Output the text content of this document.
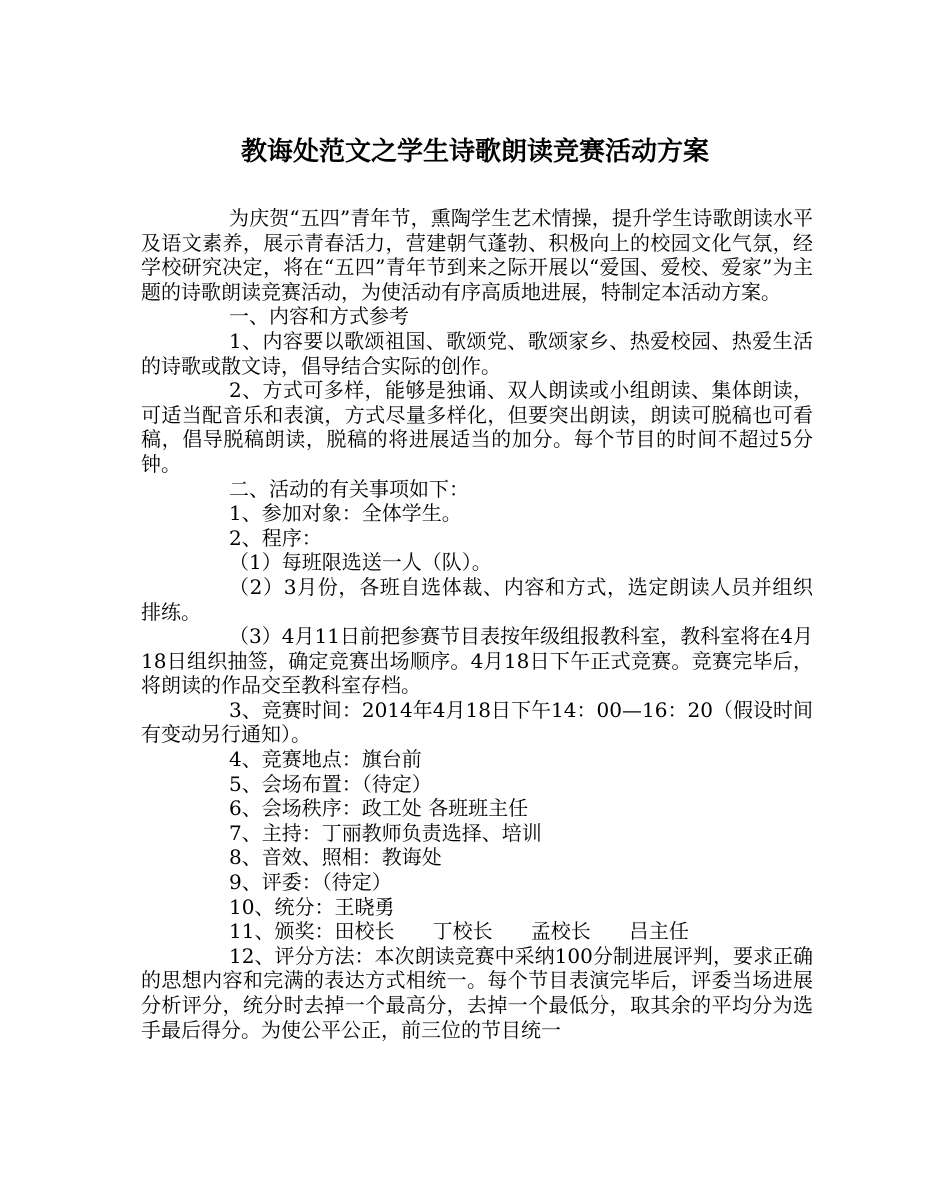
教诲处范文之学生诗歌朗读竞赛活动方案

为庆贺“五四”青年节，熏陶学生艺术情操，提升学生诗歌朗读水平及语文素养，展示青春活力，营建朝气蓬勃、积极向上的校园文化气氛，经学校研究决定，将在“五四”青年节到来之际开展以“爱国、爱校、爱家”为主题的诗歌朗读竞赛活动，为使活动有序高质地进展，特制定本活动方案。

一、内容和方式参考

1、内容要以歌颂祖国、歌颂党、歌颂家乡、热爱校园、热爱生活的诗歌或散文诗，倡导结合实际的创作。

2、方式可多样，能够是独诵、双人朗读或小组朗读、集体朗读，可适当配音乐和表演，方式尽量多样化，但要突出朗读，朗读可脱稿也可看稿，倡导脱稿朗读，脱稿的将进展适当的加分。每个节目的时间不超过5分钟。

二、活动的有关事项如下：

1、参加对象：全体学生。

2、程序：

（1）每班限选送一人（队）。

（2）3月份，各班自选体裁、内容和方式，选定朗读人员并组织排练。

（3）4月11日前把参赛节目表按年级组报教科室，教科室将在4月18日组织抽签，确定竞赛出场顺序。4月18日下午正式竞赛。竞赛完毕后，将朗读的作品交至教科室存档。

3、竞赛时间：2014年4月18日下午14：00—16：20（假设时间有变动另行通知）。

4、竞赛地点：旗台前

5、会场布置：（待定）

6、会场秩序：政工处 各班班主任

7、主持：丁丽教师负责选择、培训

8、音效、照相：教诲处

9、评委：（待定）

10、统分：王晓勇

11、颁奖：田校长      丁校长      孟校长      吕主任

12、评分方法：本次朗读竞赛中采纳100分制进展评判，要求正确的思想内容和完满的表达方式相统一。每个节目表演完毕后，评委当场进展分析评分，统分时去掉一个最高分，去掉一个最低分，取其余的平均分为选手最后得分。为使公平公正，前三位的节目统一
